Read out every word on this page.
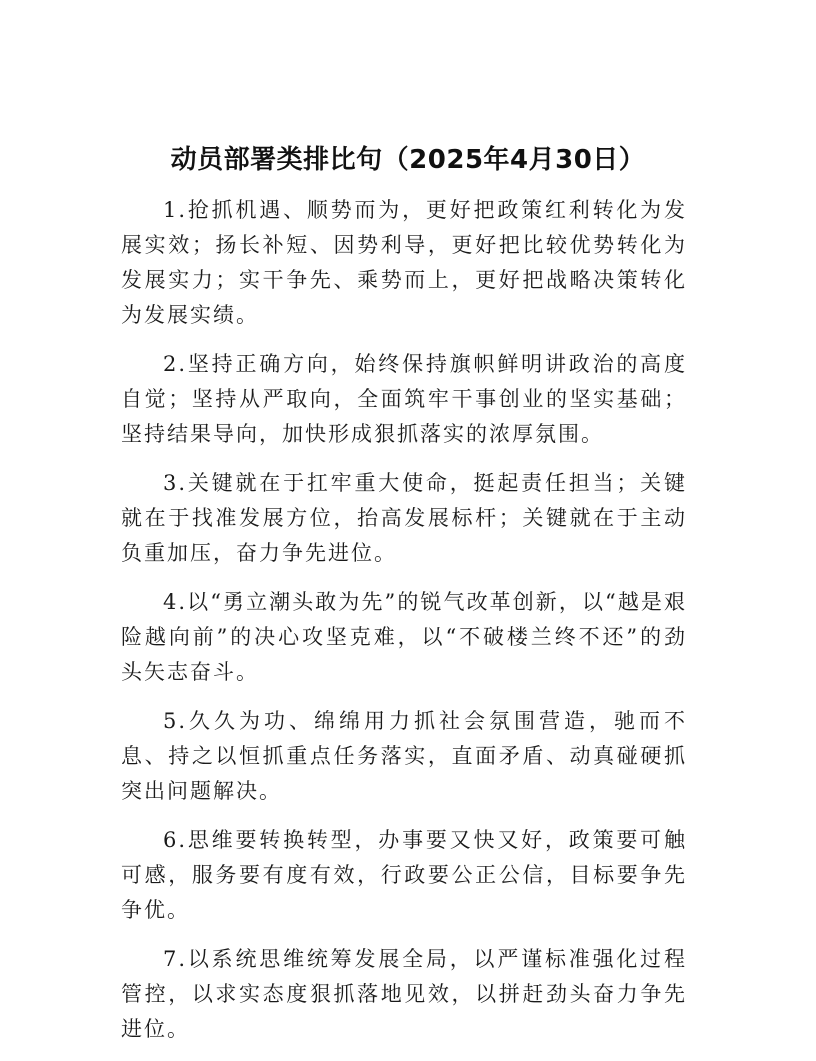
动员部署类排比句（2025年4月30日）

1.抢抓机遇、顺势而为，更好把政策红利转化为发展实效；扬长补短、因势利导，更好把比较优势转化为发展实力；实干争先、乘势而上，更好把战略决策转化为发展实绩。

2.坚持正确方向，始终保持旗帜鲜明讲政治的高度自觉；坚持从严取向，全面筑牢干事创业的坚实基础；坚持结果导向，加快形成狠抓落实的浓厚氛围。

3.关键就在于扛牢重大使命，挺起责任担当；关键就在于找准发展方位，抬高发展标杆；关键就在于主动负重加压，奋力争先进位。

4.以“勇立潮头敢为先”的锐气改革创新，以“越是艰险越向前”的决心攻坚克难，以“不破楼兰终不还”的劲头矢志奋斗。

5.久久为功、绵绵用力抓社会氛围营造，驰而不息、持之以恒抓重点任务落实，直面矛盾、动真碰硬抓突出问题解决。

6.思维要转换转型，办事要又快又好，政策要可触可感，服务要有度有效，行政要公正公信，目标要争先争优。

7.以系统思维统筹发展全局，以严谨标准强化过程管控，以求实态度狠抓落地见效，以拼赶劲头奋力争先进位。
